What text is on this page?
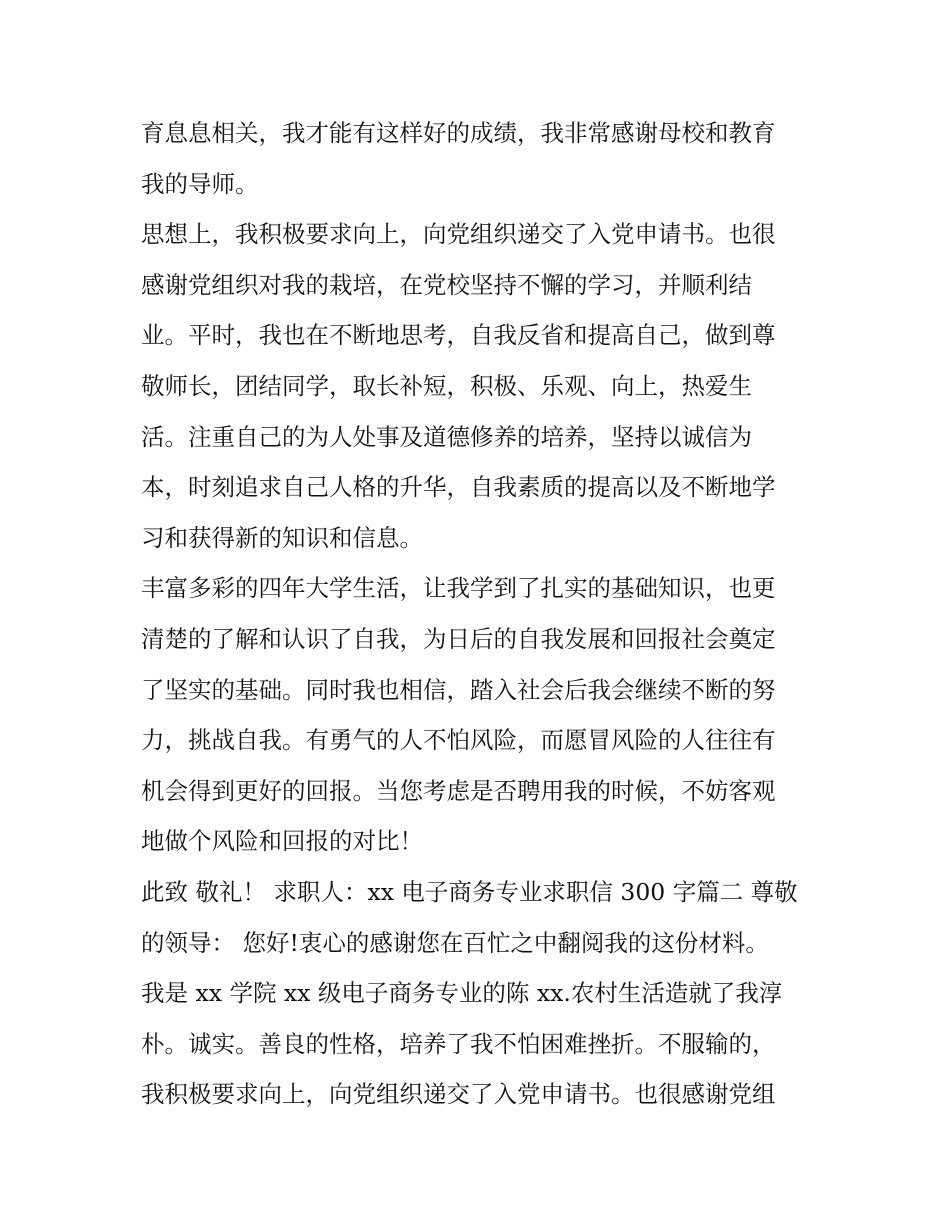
育息息相关，我才能有这样好的成绩，我非常感谢母校和教育
我的导师。
思想上，我积极要求向上，向党组织递交了入党申请书。也很
感谢党组织对我的栽培，在党校坚持不懈的学习，并顺利结
业。平时，我也在不断地思考，自我反省和提高自己，做到尊
敬师长，团结同学，取长补短，积极、乐观、向上，热爱生
活。注重自己的为人处事及道德修养的培养，坚持以诚信为
本，时刻追求自己人格的升华，自我素质的提高以及不断地学
习和获得新的知识和信息。
丰富多彩的四年大学生活，让我学到了扎实的基础知识，也更
清楚的了解和认识了自我，为日后的自我发展和回报社会奠定
了坚实的基础。同时我也相信，踏入社会后我会继续不断的努
力，挑战自我。有勇气的人不怕风险，而愿冒风险的人往往有
机会得到更好的回报。当您考虑是否聘用我的时候，不妨客观
地做个风险和回报的对比！
此致 敬礼！ 求职人：xx 电子商务专业求职信 300 字篇二 尊敬
的领导： 您好!衷心的感谢您在百忙之中翻阅我的这份材料。
我是 xx 学院 xx 级电子商务专业的陈 xx.农村生活造就了我淳
朴。诚实。善良的性格，培养了我不怕困难挫折。不服输的，
我积极要求向上，向党组织递交了入党申请书。也很感谢党组
